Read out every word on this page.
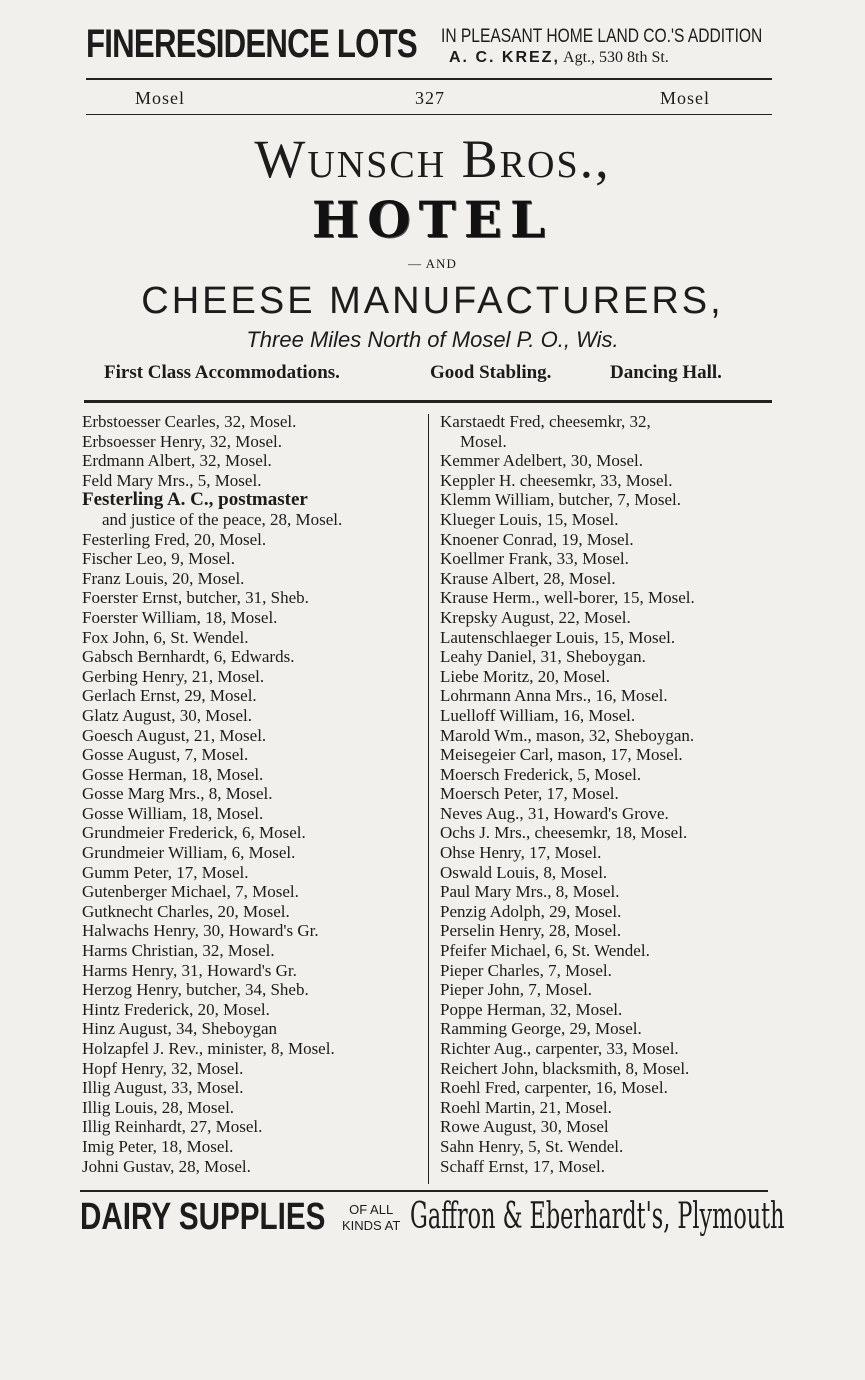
FINERESIDENCE LOTS IN PLEASANT HOME LAND CO.'S ADDITION
A. C. KREZ, Agt., 530 8th St.
Mosel	327	Mosel
Wunsch Bros.,
HOTEL
— AND
CHEESE MANUFACTURERS,
Three Miles North of Mosel P. O., Wis.
First Class Accommodations.	Good Stabling.	Dancing Hall.
Erbstoesser Cearles, 32, Mosel.
Erbsoesser Henry, 32, Mosel.
Erdmann Albert, 32, Mosel.
Feld Mary Mrs., 5, Mosel.
Festerling A. C., postmaster
and justice of the peace, 28, Mosel.
Festerling Fred, 20, Mosel.
Fischer Leo, 9, Mosel.
Franz Louis, 20, Mosel.
Foerster Ernst, butcher, 31, Sheb.
Foerster William, 18, Mosel.
Fox John, 6, St. Wendel.
Gabsch Bernhardt, 6, Edwards.
Gerbing Henry, 21, Mosel.
Gerlach Ernst, 29, Mosel.
Glatz August, 30, Mosel.
Goesch August, 21, Mosel.
Gosse August, 7, Mosel.
Gosse Herman, 18, Mosel.
Gosse Marg Mrs., 8, Mosel.
Gosse William, 18, Mosel.
Grundmeier Frederick, 6, Mosel.
Grundmeier William, 6, Mosel.
Gumm Peter, 17, Mosel.
Gutenberger Michael, 7, Mosel.
Gutknecht Charles, 20, Mosel.
Halwachs Henry, 30, Howard's Gr.
Harms Christian, 32, Mosel.
Harms Henry, 31, Howard's Gr.
Herzog Henry, butcher, 34, Sheb.
Hintz Frederick, 20, Mosel.
Hinz August, 34, Sheboygan
Holzapfel J. Rev., minister, 8, Mosel.
Hopf Henry, 32, Mosel.
Illig August, 33, Mosel.
Illig Louis, 28, Mosel.
Illig Reinhardt, 27, Mosel.
Imig Peter, 18, Mosel.
Johni Gustav, 28, Mosel.
Karstaedt Fred, cheesemkr, 32,
Mosel.
Kemmer Adelbert, 30, Mosel.
Keppler H. cheesemkr, 33, Mosel.
Klemm William, butcher, 7, Mosel.
Klueger Louis, 15, Mosel.
Knoener Conrad, 19, Mosel.
Koellmer Frank, 33, Mosel.
Krause Albert, 28, Mosel.
Krause Herm., well-borer, 15, Mosel.
Krepsky August, 22, Mosel.
Lautenschlaeger Louis, 15, Mosel.
Leahy Daniel, 31, Sheboygan.
Liebe Moritz, 20, Mosel.
Lohrmann Anna Mrs., 16, Mosel.
Luelloff William, 16, Mosel.
Marold Wm., mason, 32, Sheboygan.
Meisegeier Carl, mason, 17, Mosel.
Moersch Frederick, 5, Mosel.
Moersch Peter, 17, Mosel.
Neves Aug., 31, Howard's Grove.
Ochs J. Mrs., cheesemkr, 18, Mosel.
Ohse Henry, 17, Mosel.
Oswald Louis, 8, Mosel.
Paul Mary Mrs., 8, Mosel.
Penzig Adolph, 29, Mosel.
Perselin Henry, 28, Mosel.
Pfeifer Michael, 6, St. Wendel.
Pieper Charles, 7, Mosel.
Pieper John, 7, Mosel.
Poppe Herman, 32, Mosel.
Ramming George, 29, Mosel.
Richter Aug., carpenter, 33, Mosel.
Reichert John, blacksmith, 8, Mosel.
Roehl Fred, carpenter, 16, Mosel.
Roehl Martin, 21, Mosel.
Rowe August, 30, Mosel
Sahn Henry, 5, St. Wendel.
Schaff Ernst, 17, Mosel.
DAIRY SUPPLIES	OF ALL
KINDS AT Gaffron & Eberhardt's, Plymouth
